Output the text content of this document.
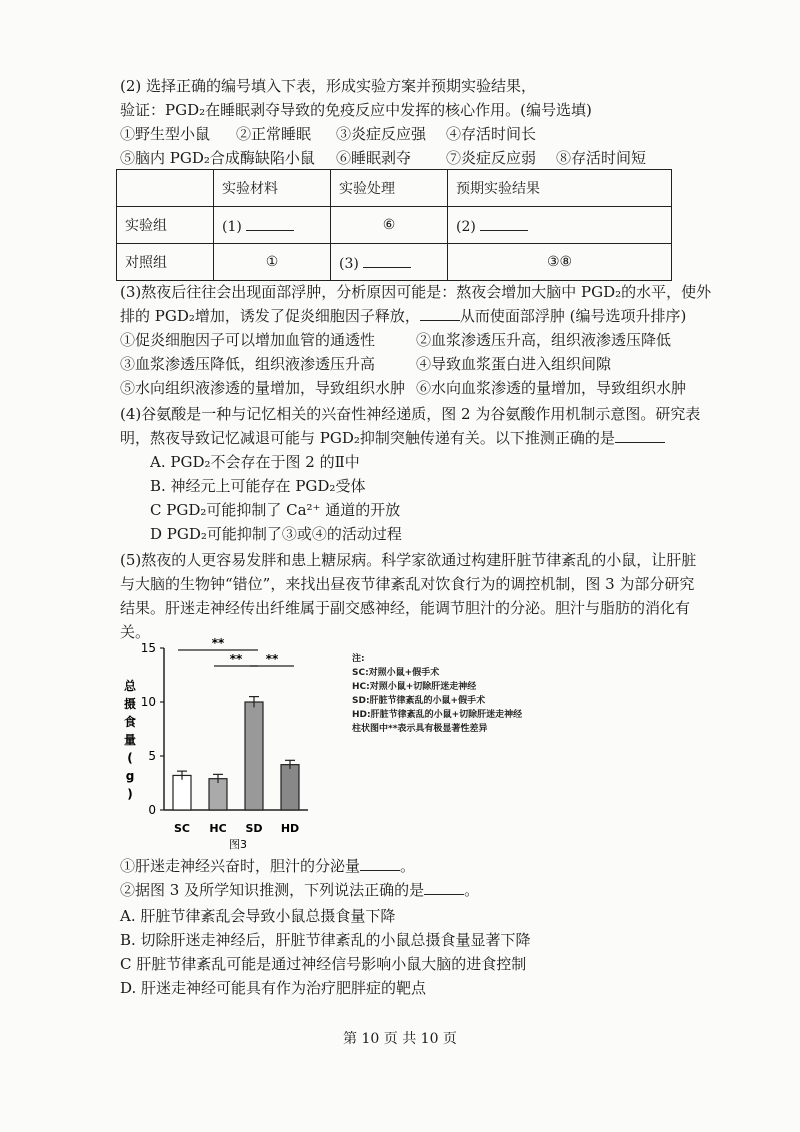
(2) 选择正确的编号填入下表，形成实验方案并预期实验结果，
验证：PGD₂在睡眠剥夺导致的免疫反应中发挥的核心作用。(编号选填)
①野生型小鼠 ②正常睡眠 ③炎症反应强 ④存活时间长
⑤脑内 PGD₂合成酶缺陷小鼠 ⑥睡眠剥夺 ⑦炎症反应弱 ⑧存活时间短
	实验材料	实验处理	预期实验结果
实验组	(1)	⑥	(2)
对照组	①	(3)	③⑧
(3)熬夜后往往会出现面部浮肿，分析原因可能是：熬夜会增加大脑中 PGD₂的水平，使外
排的 PGD₂增加，诱发了促炎细胞因子释放，	从而使面部浮肿 (编号选项升排序)
①促炎细胞因子可以增加血管的通透性	②血浆渗透压升高，组织液渗透压降低
③血浆渗透压降低，组织液渗透压升高	④导致血浆蛋白进入组织间隙
⑤水向组织液渗透的量增加，导致组织水肿 ⑥水向血浆渗透的量增加，导致组织水肿
(4)谷氨酸是一种与记忆相关的兴奋性神经递质，图 2 为谷氨酸作用机制示意图。研究表
明，熬夜导致记忆减退可能与 PGD₂抑制突触传递有关。以下推测正确的是
A. PGD₂不会存在于图 2 的Ⅱ中
B. 神经元上可能存在 PGD₂受体
C PGD₂可能抑制了 Ca²⁺ 通道的开放
D PGD₂可能抑制了③或④的活动过程
(5)熬夜的人更容易发胖和患上糖尿病。科学家欲通过构建肝脏节律紊乱的小鼠，让肝脏
与大脑的生物钟“错位”，来找出昼夜节律紊乱对饮食行为的调控机制，图 3 为部分研究
结果。肝迷走神经传出纤维属于副交感神经，能调节胆汁的分泌。胆汁与脂肪的消化有
关。
0
5
10
15
总
摄
食
量
(
g
)
SC HC SD HD
**
** **
图3
注:
SC:对照小鼠+假手术
HC:对照小鼠+切除肝迷走神经
SD:肝脏节律紊乱的小鼠+假手术
HD:肝脏节律紊乱的小鼠+切除肝迷走神经
柱状图中**表示具有极显著性差异
①肝迷走神经兴奋时，胆汁的分泌量	。
②据图 3 及所学知识推测，下列说法正确的是	。
A. 肝脏节律紊乱会导致小鼠总摄食量下降
B. 切除肝迷走神经后，肝脏节律紊乱的小鼠总摄食量显著下降
C 肝脏节律紊乱可能是通过神经信号影响小鼠大脑的进食控制
D. 肝迷走神经可能具有作为治疗肥胖症的靶点
第 10 页 共 10 页
